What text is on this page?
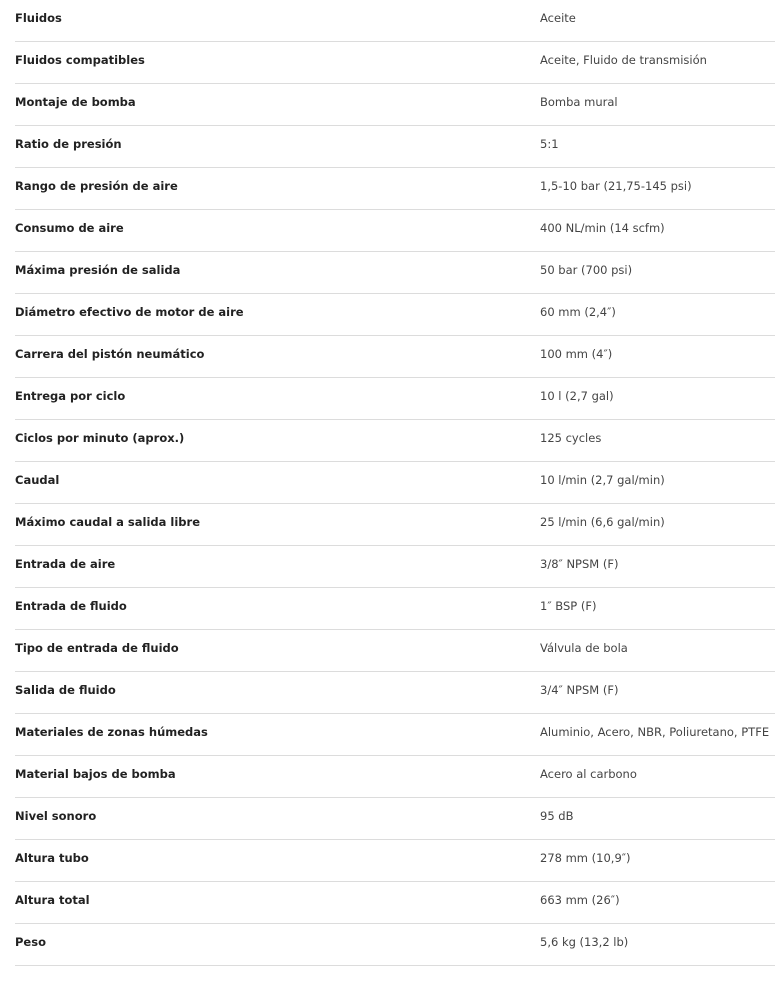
Fluidos	Aceite
Fluidos compatibles	Aceite, Fluido de transmisión
Montaje de bomba	Bomba mural
Ratio de presión	5:1
Rango de presión de aire	1,5-10 bar (21,75-145 psi)
Consumo de aire	400 NL/min (14 scfm)
Máxima presión de salida	50 bar (700 psi)
Diámetro efectivo de motor de aire	60 mm (2,4″)
Carrera del pistón neumático	100 mm (4″)
Entrega por ciclo	10 l (2,7 gal)
Ciclos por minuto (aprox.)	125 cycles
Caudal	10 l/min (2,7 gal/min)
Máximo caudal a salida libre	25 l/min (6,6 gal/min)
Entrada de aire	3/8″ NPSM (F)
Entrada de fluido	1″ BSP (F)
Tipo de entrada de fluido	Válvula de bola
Salida de fluido	3/4″ NPSM (F)
Materiales de zonas húmedas	Aluminio, Acero, NBR, Poliuretano, PTFE
Material bajos de bomba	Acero al carbono
Nivel sonoro	95 dB
Altura tubo	278 mm (10,9″)
Altura total	663 mm (26″)
Peso	5,6 kg (13,2 lb)
